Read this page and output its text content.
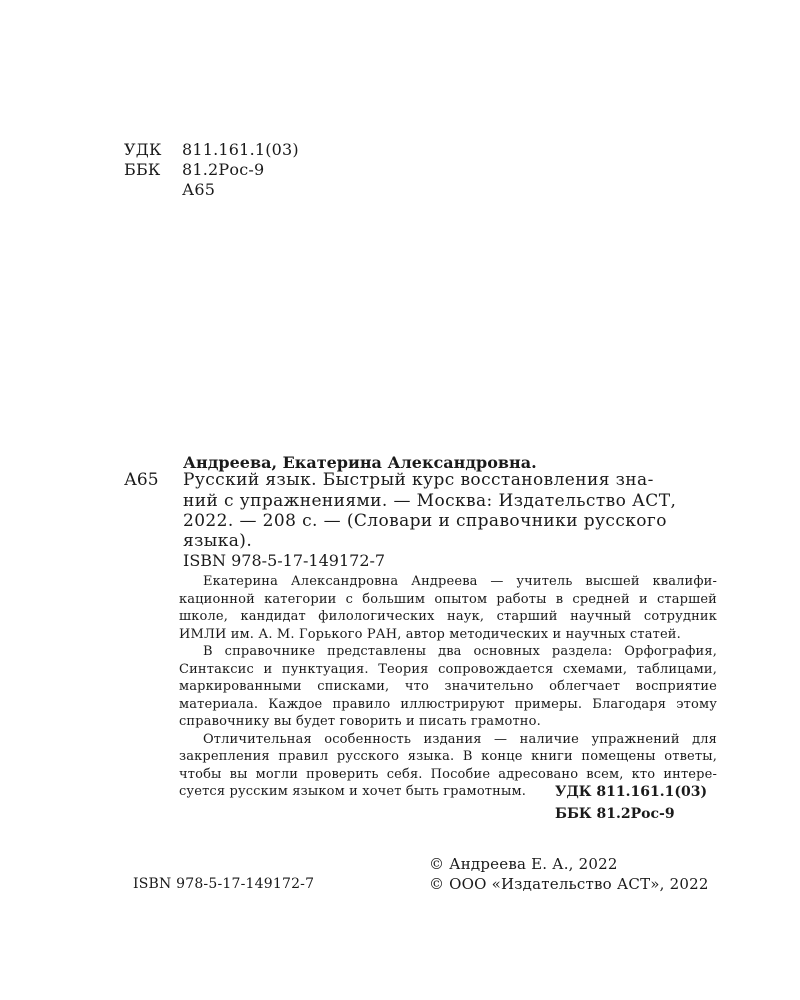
УДК 811.161.1(03)
ББК 81.2Рос-9
А65
Андреева, Екатерина Александровна.
А65 Русский язык. Быстрый курс восстановления зна-
ний с упражнениями. — Москва: Издательство АСТ,
2022. — 208 с. — (Словари и справочники русского
языка).
ISBN 978-5-17-149172-7

Екатерина Александровна Андреева — учитель высшей квалифи-

кационной категории с большим опытом работы в средней и старшей

школе, кандидат филологических наук, старший научный сотрудник

ИМЛИ им. А. М. Горького РАН, автор методических и научных статей.

В справочнике представлены два основных раздела: Орфография,

Синтаксис и пунктуация. Теория сопровождается схемами, таблицами,

маркированными списками, что значительно облегчает восприятие

материала. Каждое правило иллюстрируют примеры. Благодаря этому

справочнику вы будет говорить и писать грамотно.

Отличительная особенность издания — наличие упражнений для

закрепления правил русского языка. В конце книги помещены ответы,

чтобы вы могли проверить себя. Пособие адресовано всем, кто интере-

суется русским языком и хочет быть грамотным.	УДК 811.161.1(03)
ББК 81.2Рос-9
© Андреева Е. А., 2022
© ООО «Издательство АСТ», 2022
ISBN 978-5-17-149172-7
